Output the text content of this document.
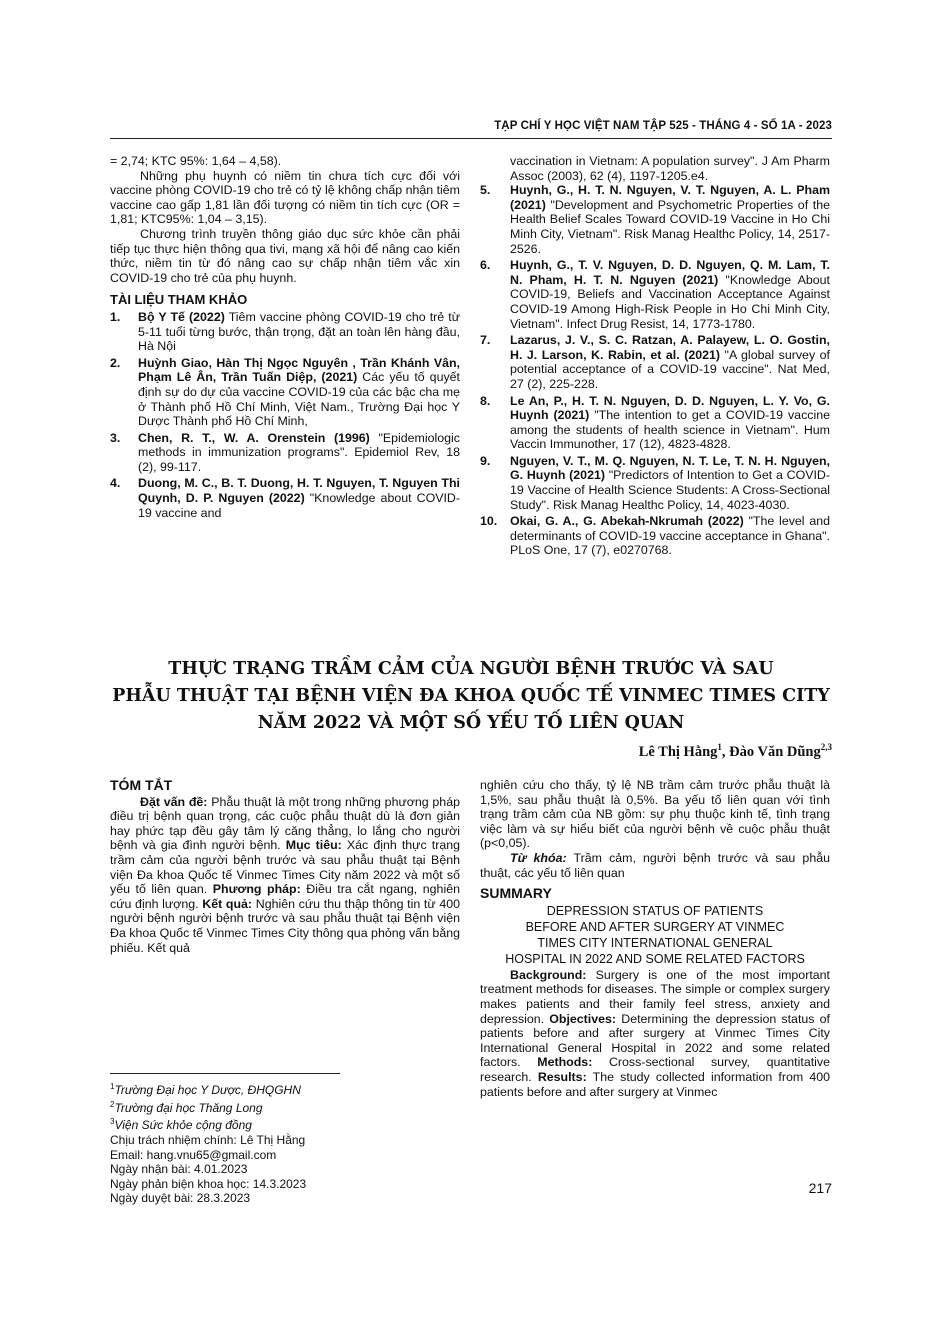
TẠP CHÍ Y HỌC VIỆT NAM TẬP 525 - THÁNG 4 - SỐ 1A - 2023

= 2,74; KTC 95%: 1,64 – 4,58).

Những phụ huynh có niềm tin chưa tích cực đối với vaccine phòng COVID-19 cho trẻ có tỷ lệ không chấp nhận tiêm vaccine cao gấp 1,81 lần đối tượng có niềm tin tích cực (OR = 1,81; KTC95%: 1,04 – 3,15).

Chương trình truyền thông giáo dục sức khỏe cần phải tiếp tục thực hiện thông qua tivi, mạng xã hội để nâng cao kiến thức, niềm tin từ đó nâng cao sự chấp nhận tiêm vắc xin COVID-19 cho trẻ của phụ huynh.

TÀI LIỆU THAM KHẢO
1. Bộ Y Tế (2022) Tiêm vaccine phòng COVID-19 cho trẻ từ 5-11 tuổi từng bước, thận trọng, đặt an toàn lên hàng đầu, Hà Nội
2. Huỳnh Giao, Hàn Thị Ngọc Nguyên , Trần Khánh Vân, Phạm Lê Ân, Trần Tuấn Diệp, (2021) Các yếu tố quyết định sự do dự của vaccine COVID-19 của các bậc cha mẹ ở Thành phố Hồ Chí Minh, Việt Nam., Trường Đại học Y Dược Thành phố Hồ Chí Minh,
3. Chen, R. T., W. A. Orenstein (1996) "Epidemiologic methods in immunization programs". Epidemiol Rev, 18 (2), 99-117.
4. Duong, M. C., B. T. Duong, H. T. Nguyen, T. Nguyen Thi Quynh, D. P. Nguyen (2022) "Knowledge about COVID-19 vaccine and

vaccination in Vietnam: A population survey". J Am Pharm Assoc (2003), 62 (4), 1197-1205.e4.

5. Huynh, G., H. T. N. Nguyen, V. T. Nguyen, A. L. Pham (2021) "Development and Psychometric Properties of the Health Belief Scales Toward COVID-19 Vaccine in Ho Chi Minh City, Vietnam". Risk Manag Healthc Policy, 14, 2517-2526.
6. Huynh, G., T. V. Nguyen, D. D. Nguyen, Q. M. Lam, T. N. Pham, H. T. N. Nguyen (2021) "Knowledge About COVID-19, Beliefs and Vaccination Acceptance Against COVID-19 Among High-Risk People in Ho Chi Minh City, Vietnam". Infect Drug Resist, 14, 1773-1780.
7. Lazarus, J. V., S. C. Ratzan, A. Palayew, L. O. Gostin, H. J. Larson, K. Rabin, et al. (2021) "A global survey of potential acceptance of a COVID-19 vaccine". Nat Med, 27 (2), 225-228.
8. Le An, P., H. T. N. Nguyen, D. D. Nguyen, L. Y. Vo, G. Huynh (2021) "The intention to get a COVID-19 vaccine among the students of health science in Vietnam". Hum Vaccin Immunother, 17 (12), 4823-4828.
9. Nguyen, V. T., M. Q. Nguyen, N. T. Le, T. N. H. Nguyen, G. Huynh (2021) "Predictors of Intention to Get a COVID-19 Vaccine of Health Science Students: A Cross-Sectional Study". Risk Manag Healthc Policy, 14, 4023-4030.
10. Okai, G. A., G. Abekah-Nkrumah (2022) "The level and determinants of COVID-19 vaccine acceptance in Ghana". PLoS One, 17 (7), e0270768.
THỰC TRẠNG TRẦM CẢM CỦA NGƯỜI BỆNH TRƯỚC VÀ SAU
PHẪU THUẬT TẠI BỆNH VIỆN ĐA KHOA QUỐC TẾ VINMEC TIMES CITY
NĂM 2022 VÀ MỘT SỐ YẾU TỐ LIÊN QUAN
Lê Thị Hằng$^1$, Đào Văn Dũng$^{2,3}$
TÓM TẮT

Đặt vấn đề: Phẫu thuật là một trong những phương pháp điều trị bệnh quan trọng, các cuộc phẫu thuật dù là đơn giản hay phức tạp đều gây tâm lý căng thẳng, lo lắng cho người bệnh và gia đình người bệnh. Mục tiêu: Xác định thực trạng trầm cảm của người bệnh trước và sau phẫu thuật tại Bệnh viện Đa khoa Quốc tế Vinmec Times City năm 2022 và một số yếu tố liên quan. Phương pháp: Điều tra cắt ngang, nghiên cứu định lượng. Kết quả: Nghiên cứu thu thập thông tin từ 400 người bệnh người bệnh trước và sau phẫu thuật tại Bệnh viện Đa khoa Quốc tế Vinmec Times City thông qua phỏng vấn bằng phiếu. Kết quả

$^1$Trường Đại học Y Dược, ĐHQGHN

$^2$Trường đại học Thăng Long

$^3$Viện Sức khỏe cộng đồng

Chịu trách nhiệm chính: Lê Thị Hằng

Email: hang.vnu65@gmail.com

Ngày nhận bài: 4.01.2023

Ngày phản biện khoa học: 14.3.2023

Ngày duyệt bài: 28.3.2023

nghiên cứu cho thấy, tỷ lệ NB trầm cảm trước phẫu thuật là 1,5%, sau phẫu thuật là 0,5%. Ba yếu tố liên quan với tình trạng trầm cảm của NB gồm: sự phụ thuộc kinh tế, tình trạng việc làm và sự hiểu biết của người bệnh về cuộc phẫu thuật (p<0,05).

Từ khóa: Trầm cảm, người bệnh trước và sau phẫu thuật, các yếu tố liên quan

SUMMARY
DEPRESSION STATUS OF PATIENTS
BEFORE AND AFTER SURGERY AT VINMEC
TIMES CITY INTERNATIONAL GENERAL
HOSPITAL IN 2022 AND SOME RELATED FACTORS

Background: Surgery is one of the most important treatment methods for diseases. The simple or complex surgery makes patients and their family feel stress, anxiety and depression. Objectives: Determining the depression status of patients before and after surgery at Vinmec Times City International General Hospital in 2022 and some related factors. Methods: Cross-sectional survey, quantitative research. Results: The study collected information from 400 patients before and after surgery at Vinmec

217
